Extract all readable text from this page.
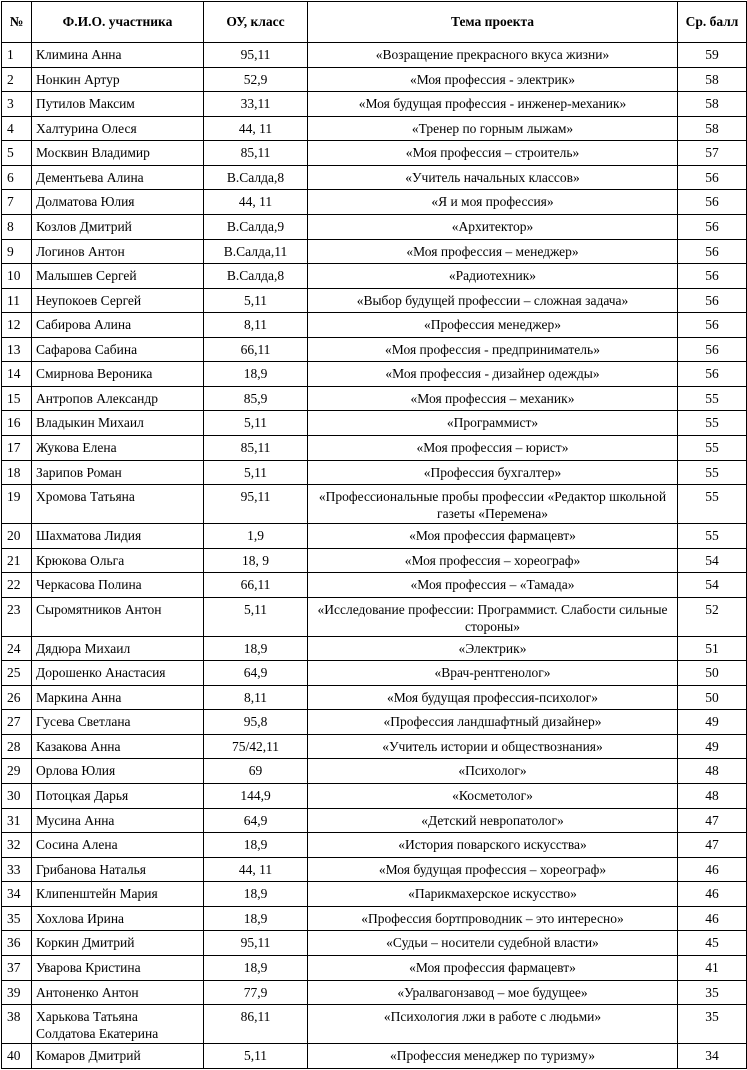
№	Ф.И.О. участника	ОУ, класс	Тема проекта	Ср. балл
1	Климина Анна	95,11	«Возращение прекрасного вкуса жизни»	59
2	Нонкин Артур	52,9	«Моя профессия - электрик»	58
3	Путилов Максим	33,11	«Моя будущая профессия - инженер-механик»	58
4	Халтурина Олеся	44, 11	«Тренер по горным лыжам»	58
5	Москвин Владимир	85,11	«Моя профессия – строитель»	57
6	Дементьева Алина	В.Салда,8	«Учитель начальных классов»	56
7	Долматова Юлия	44, 11	«Я и моя профессия»	56
8	Козлов Дмитрий	В.Салда,9	«Архитектор»	56
9	Логинов Антон	В.Салда,11	«Моя профессия – менеджер»	56
10	Малышев Сергей	В.Салда,8	«Радиотехник»	56
11	Неупокоев Сергей	5,11	«Выбор будущей профессии – сложная задача»	56
12	Сабирова Алина	8,11	«Профессия менеджер»	56
13	Сафарова Сабина	66,11	«Моя профессия - предприниматель»	56
14	Смирнова Вероника	18,9	«Моя профессия - дизайнер одежды»	56
15	Антропов Александр	85,9	«Моя профессия – механик»	55
16	Владыкин Михаил	5,11	«Программист»	55
17	Жукова Елена	85,11	«Моя профессия – юрист»	55
18	Зарипов Роман	5,11	«Профессия бухгалтер»	55
19	Хромова Татьяна	95,11	«Профессиональные пробы профессии «Редактор школьной газеты «Перемена»	55
20	Шахматова Лидия	1,9	«Моя профессия фармацевт»	55
21	Крюкова Ольга	18, 9	«Моя профессия – хореограф»	54
22	Черкасова Полина	66,11	«Моя профессия – «Тамада»	54
23	Сыромятников Антон	5,11	«Исследование профессии: Программист. Слабости сильные стороны»	52
24	Дядюра Михаил	18,9	«Электрик»	51
25	Дорошенко Анастасия	64,9	«Врач-рентгенолог»	50
26	Маркина Анна	8,11	«Моя будущая профессия-психолог»	50
27	Гусева Светлана	95,8	«Профессия ландшафтный дизайнер»	49
28	Казакова Анна	75/42,11	«Учитель истории и обществознания»	49
29	Орлова Юлия	69	«Психолог»	48
30	Потоцкая Дарья	144,9	«Косметолог»	48
31	Мусина Анна	64,9	«Детский невропатолог»	47
32	Сосина Алена	18,9	«История поварского искусства»	47
33	Грибанова Наталья	44, 11	«Моя будущая профессия – хореограф»	46
34	Клипенштейн Мария	18,9	«Парикмахерское искусство»	46
35	Хохлова Ирина	18,9	«Профессия бортпроводник – это интересно»	46
36	Коркин Дмитрий	95,11	«Судьи – носители судебной власти»	45
37	Уварова Кристина	18,9	«Моя профессия фармацевт»	41
39	Антоненко Антон	77,9	«Уралвагонзавод – мое будущее»	35
38	Харькова Татьяна Солдатова Екатерина	86,11	«Психология лжи в работе с людьми»	35
40	Комаров Дмитрий	5,11	«Профессия менеджер по туризму»	34
